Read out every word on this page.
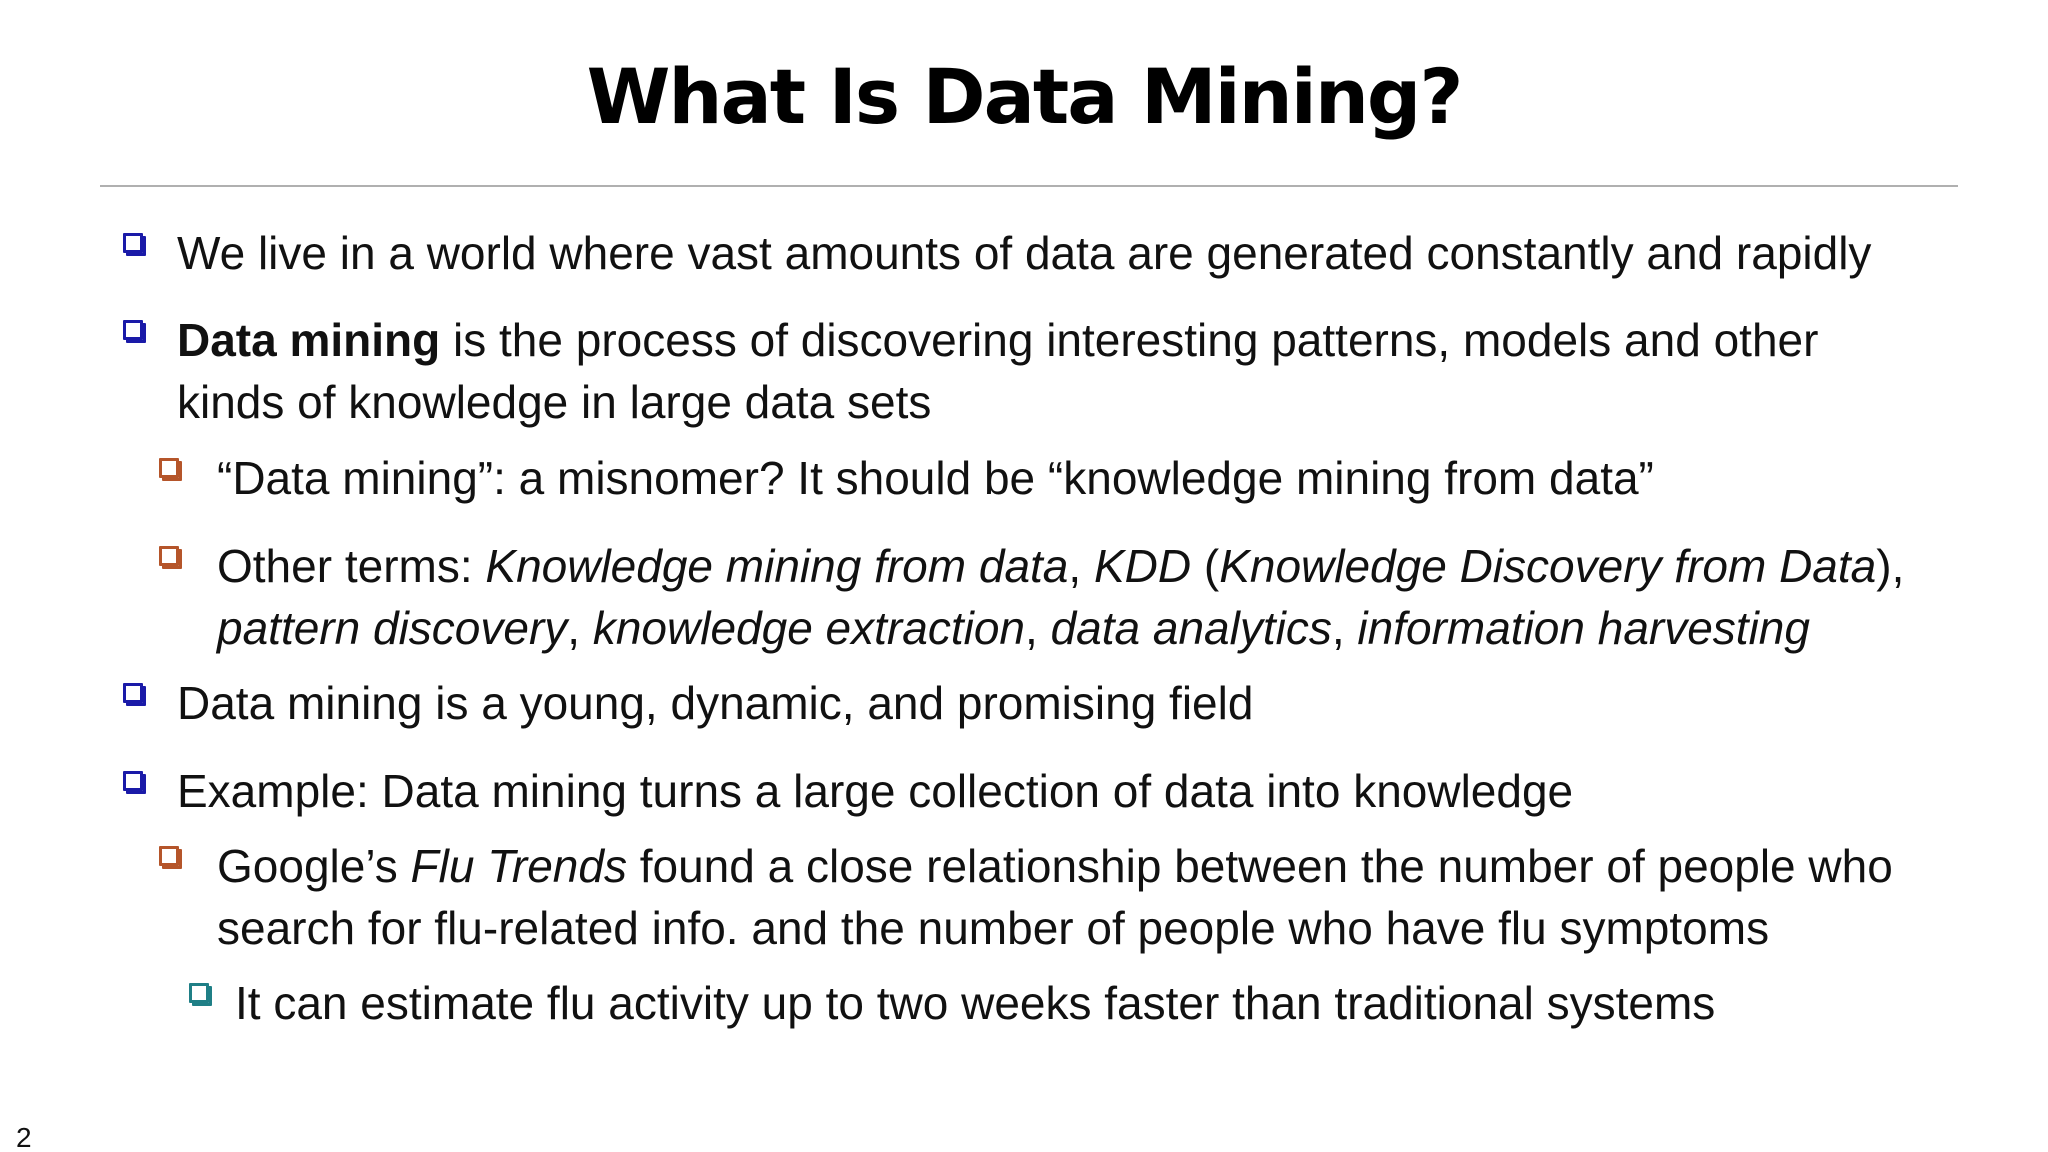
What Is Data Mining?
We live in a world where vast amounts of data are generated constantly and rapidly
Data mining is the process of discovering interesting patterns, models and other
kinds of knowledge in large data sets
“Data mining”: a misnomer? It should be “knowledge mining from data”
Other terms: Knowledge mining from data, KDD (Knowledge Discovery from Data),
pattern discovery, knowledge extraction, data analytics, information harvesting
Data mining is a young, dynamic, and promising field
Example: Data mining turns a large collection of data into knowledge
Google’s Flu Trends found a close relationship between the number of people who
search for flu-related info. and the number of people who have flu symptoms
It can estimate flu activity up to two weeks faster than traditional systems
2
